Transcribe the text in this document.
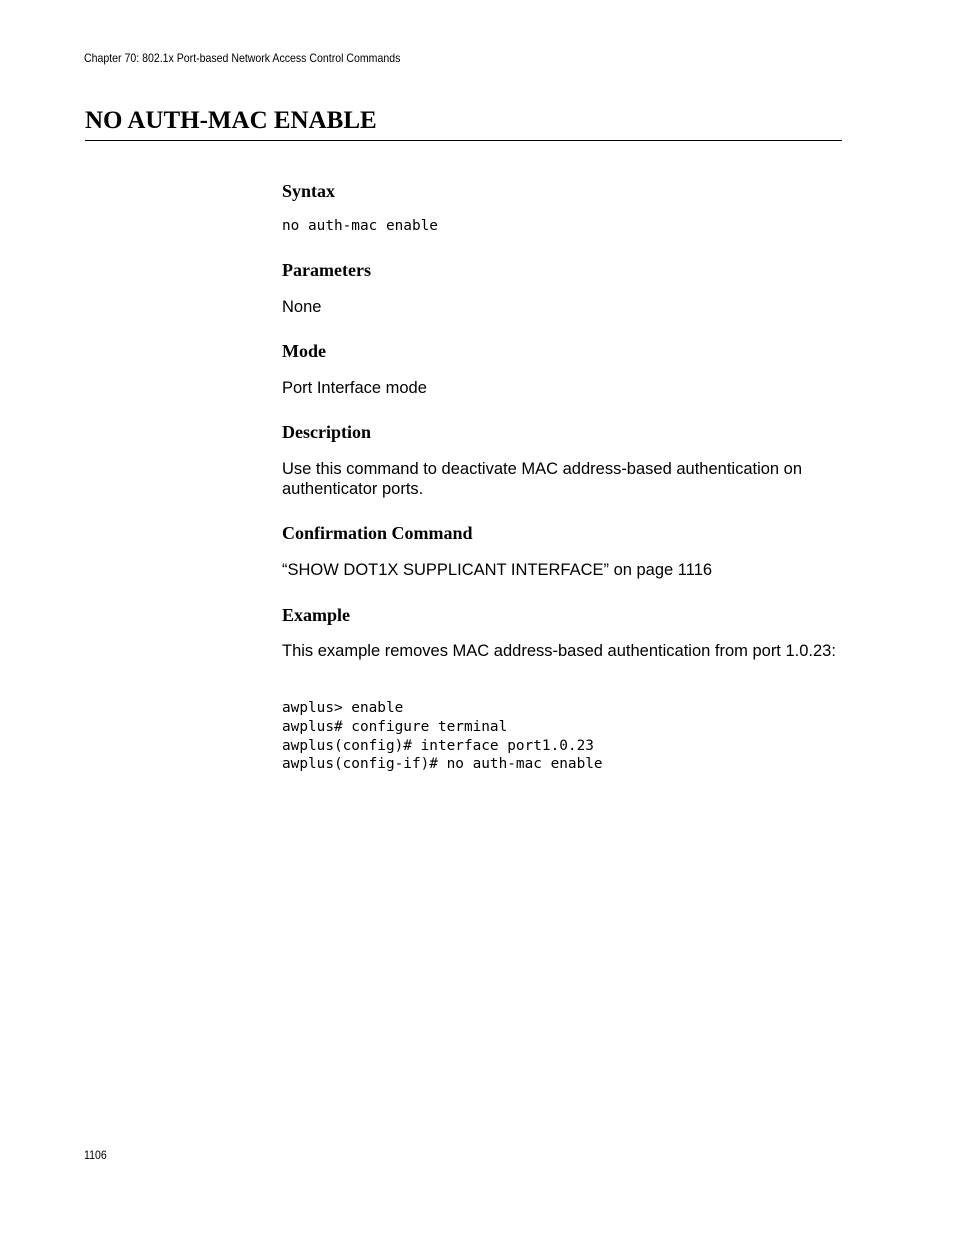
Chapter 70: 802.1x Port-based Network Access Control Commands
NO AUTH-MAC ENABLE
Syntax
no auth-mac enable
Parameters

None

Mode

Port Interface mode

Description

Use this command to deactivate MAC address-based authentication on authenticator ports.

Confirmation Command

“SHOW DOT1X SUPPLICANT INTERFACE” on page 1116

Example

This example removes MAC address-based authentication from port 1.0.23:

awplus> enable
awplus# configure terminal
awplus(config)# interface port1.0.23
awplus(config-if)# no auth-mac enable
1106
